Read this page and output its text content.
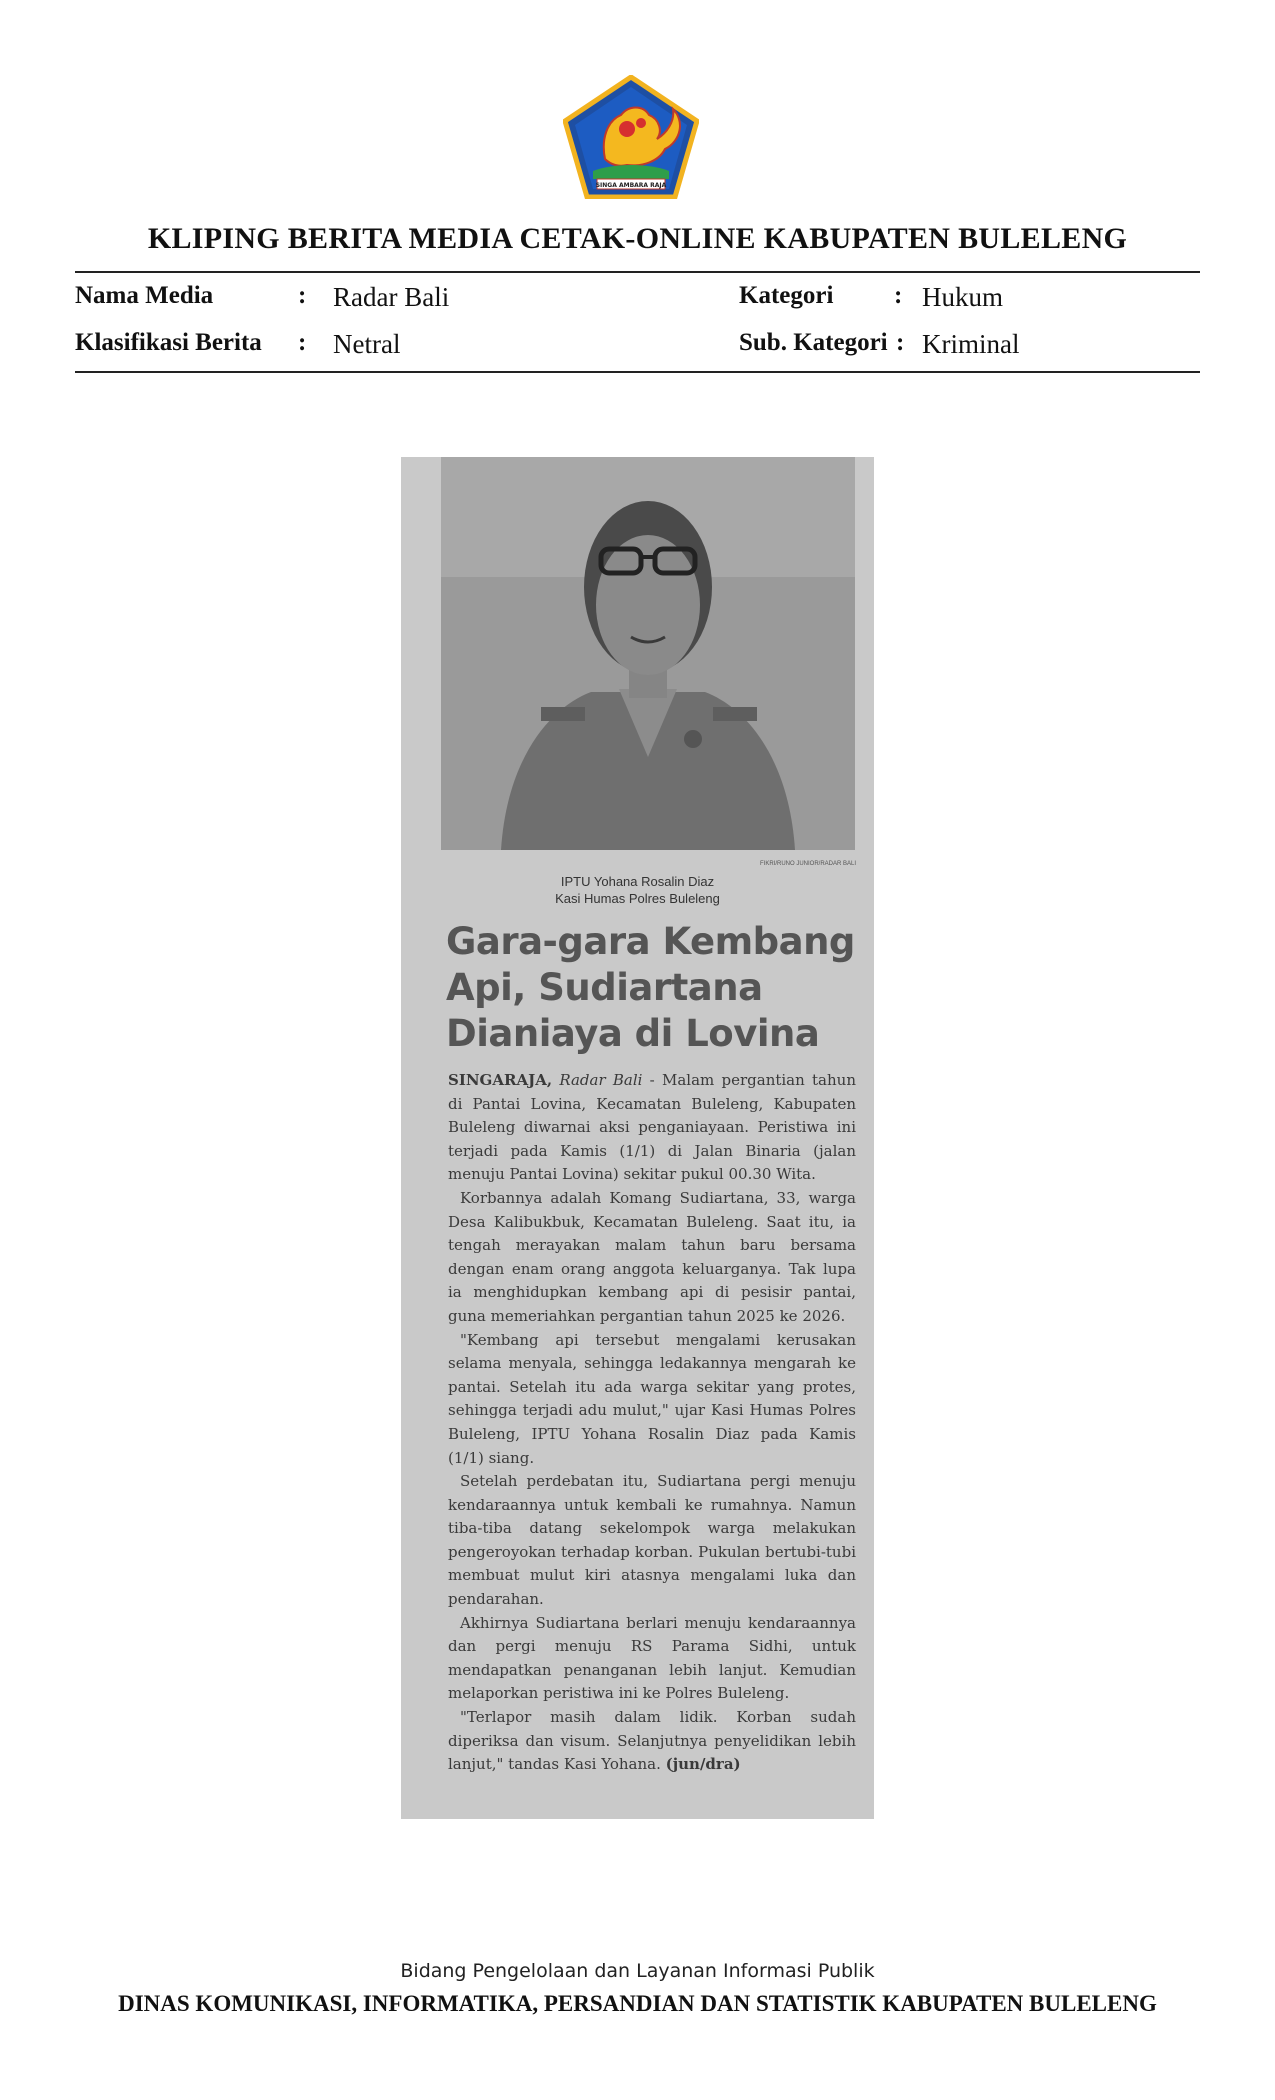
SINGA AMBARA RAJA
KLIPING BERITA MEDIA CETAK-ONLINE KABUPATEN BULELENG
Nama Media	: Radar Bali
Klasifikasi Berita : Netral
Kategori : Hukum
Sub. Kategori : Kriminal
FIKRI/RUNO JUNIOR/RADAR BALI
IPTU Yohana Rosalin Diaz
Kasi Humas Polres Buleleng
Gara-gara Kembang
Api, Sudiartana
Dianiaya di Lovina

SINGARAJA, Radar Bali - Malam pergantian tahun di Pantai Lovina, Kecamatan Buleleng, Kabupaten Buleleng diwarnai aksi penganiayaan. Peristiwa ini terjadi pada Kamis (1/1) di Jalan Binaria (jalan menuju Pantai Lovina) sekitar pukul 00.30 Wita.

Korbannya adalah Komang Sudiartana, 33, warga Desa Kalibukbuk, Kecamatan Buleleng. Saat itu, ia tengah merayakan malam tahun baru bersama dengan enam orang anggota keluarganya. Tak lupa ia menghidupkan kembang api di pesisir pantai, guna memeriahkan pergantian tahun 2025 ke 2026.

"Kembang api tersebut mengalami kerusakan selama menyala, sehingga ledakannya mengarah ke pantai. Setelah itu ada warga sekitar yang protes, sehingga terjadi adu mulut," ujar Kasi Humas Polres Buleleng, IPTU Yohana Rosalin Diaz pada Kamis (1/1) siang.

Setelah perdebatan itu, Sudiartana pergi menuju kendaraannya untuk kembali ke rumahnya. Namun tiba-tiba datang sekelompok warga melakukan pengeroyokan terhadap korban. Pukulan bertubi-tubi membuat mulut kiri atasnya mengalami luka dan pendarahan.

Akhirnya Sudiartana berlari menuju kendaraannya dan pergi menuju RS Parama Sidhi, untuk mendapatkan penanganan lebih lanjut. Kemudian melaporkan peristiwa ini ke Polres Buleleng.

"Terlapor masih dalam lidik. Korban sudah diperiksa dan visum. Selanjutnya penyelidikan lebih lanjut," tandas Kasi Yohana. (jun/dra)

Bidang Pengelolaan dan Layanan Informasi Publik
DINAS KOMUNIKASI, INFORMATIKA, PERSANDIAN DAN STATISTIK KABUPATEN BULELENG
